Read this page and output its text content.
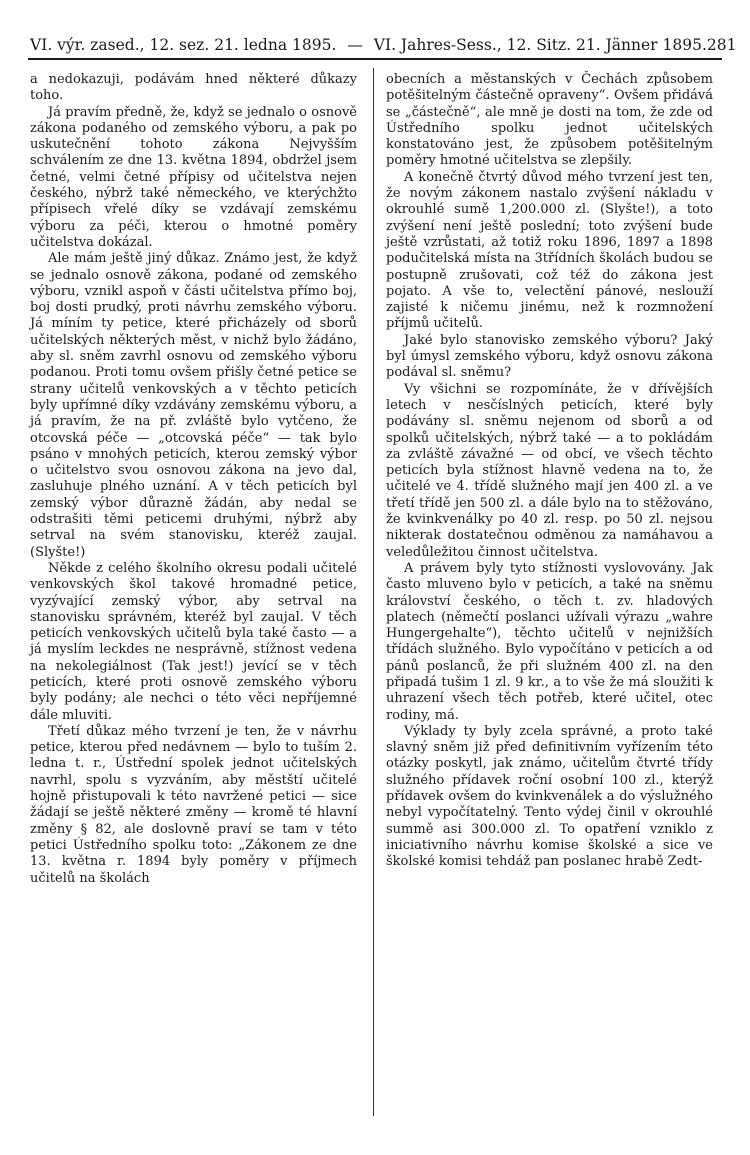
VI. výr. zased., 12. sez. 21. ledna 1895. — VI. Jahres-Sess., 12. Sitz. 21. Jänner 1895. 281

a nedokazuji, podávám hned některé důkazy toho.

Já pravím předně, že, když se jednalo o osnově zákona podaného od zemského výboru, a pak po uskutečnění tohoto zákona Nejvyšším schválením ze dne 13. května 1894, obdržel jsem četné, velmi četné přípisy od učitelstva nejen českého, nýbrž také německého, ve kterýchžto přípisech vřelé díky se vzdávají zemskému výboru za péči, kterou o hmotné poměry učitelstva dokázal.

Ale mám ještě jiný důkaz. Známo jest, že když se jednalo osnově zákona, podané od zemského výboru, vznikl aspoň v části učitelstva přímo boj, boj dosti prudký, proti návrhu zemského výboru. Já míním ty petice, které přicházely od sborů učitelských některých měst, v nichž bylo žádáno, aby sl. sněm zavrhl osnovu od zemského výboru podanou. Proti tomu ovšem přišly četné petice se strany učitelů venkovských a v těchto peticích byly upřímné díky vzdávány zemskému výboru, a já pravím, že na př. zvláště bylo vytčeno, že otcovská péče — „otcovská péče“ — tak bylo psáno v mnohých peticích, kterou zemský výbor o učitelstvo svou osnovou zákona na jevo dal, zasluhuje plného uznání. A v těch peticích byl zemský výbor důrazně žádán, aby nedal se odstrašiti těmi peticemi druhými, nýbrž aby setrval na svém stanovisku, kteréž zaujal. (Slyšte!)

Někde z celého školního okresu podali učitelé venkovských škol takové hromadné petice, vyzývající zemský výbor, aby setrval na stanovisku správném, kteréž byl zaujal. V těch peticích venkovských učitelů byla také často — a já myslím leckdes ne nesprávně, stížnost vedena na nekolegiálnost (Tak jest!) jevící se v těch peticích, které proti osnově zemského výboru byly podány; ale nechci o této věci nepříjemné dále mluviti.

Třetí důkaz mého tvrzení je ten, že v návrhu petice, kterou před nedávnem — bylo to tuším 2. ledna t. r., Ústřední spolek jednot učitelských navrhl, spolu s vyzváním, aby městští učitelé hojně přistupovali k této navržené petici — sice žádají se ještě některé změny — kromě té hlavní změny § 82, ale doslovně praví se tam v této petici Ústředního spolku toto: „Zákonem ze dne 13. května r. 1894 byly poměry v příjmech učitelů na školách

obecních a městanských v Čechách způsobem potěšitelným částečně opraveny“. Ovšem přidává se „částečně“, ale mně je dosti na tom, že zde od Ústředního spolku jednot učitelských konstatováno jest, že způsobem potěšitelným poměry hmotné učitelstva se zlepšily.

A konečně čtvrtý důvod mého tvrzení jest ten, že novým zákonem nastalo zvýšení nákladu v okrouhlé sumě 1,200.000 zl. (Slyšte!), a toto zvýšení není ještě poslední; toto zvýšení bude ještě vzrůstati, až totiž roku 1896, 1897 a 1898 podučitelská místa na 3třídních školách budou se postupně zrušovati, což též do zákona jest pojato. A vše to, velectění pánové, neslouží zajisté k ničemu jinému, než k rozmnožení příjmů učitelů.

Jaké bylo stanovisko zemského výboru? Jaký byl úmysl zemského výboru, když osnovu zákona podával sl. sněmu?

Vy všichni se rozpomínáte, že v dřívějších letech v nesčíslných peticích, které byly podávány sl. sněmu nejenom od sborů a od spolků učitelských, nýbrž také — a to pokládám za zvláště závažné — od obcí, ve všech těchto peticích byla stížnost hlavně vedena na to, že učitelé ve 4. třídě služného mají jen 400 zl. a ve třetí třídě jen 500 zl. a dále bylo na to stěžováno, že kvinkvenálky po 40 zl. resp. po 50 zl. nejsou nikterak dostatečnou odměnou za namáhavou a veledůležitou činnost učitelstva.

A právem byly tyto stížnosti vyslovovány. Jak často mluveno bylo v peticích, a také na sněmu království českého, o těch t. zv. hladových platech (němečtí poslanci užívali výrazu „wahre Hungergehalte“), těchto učitelů v nejnižších třídách služného. Bylo vypočítáno v peticích a od pánů poslanců, že při služném 400 zl. na den připadá tušim 1 zl. 9 kr., a to vše že má sloužiti k uhrazení všech těch potřeb, které učitel, otec rodiny, má.

Výklady ty byly zcela správné, a proto také slavný sněm již před definitivním vyřízením této otázky poskytl, jak známo, učitelům čtvrté třídy služného přídavek roční osobní 100 zl., kterýž přídavek ovšem do kvinkvenálek a do výslužného nebyl vypočítatelný. Tento výdej činil v okrouhlé summě asi 300.000 zl. To opatření vzniklo z iniciativního návrhu komise školské a sice ve školské komisi tehdáž pan poslanec hrabě Zedt-
